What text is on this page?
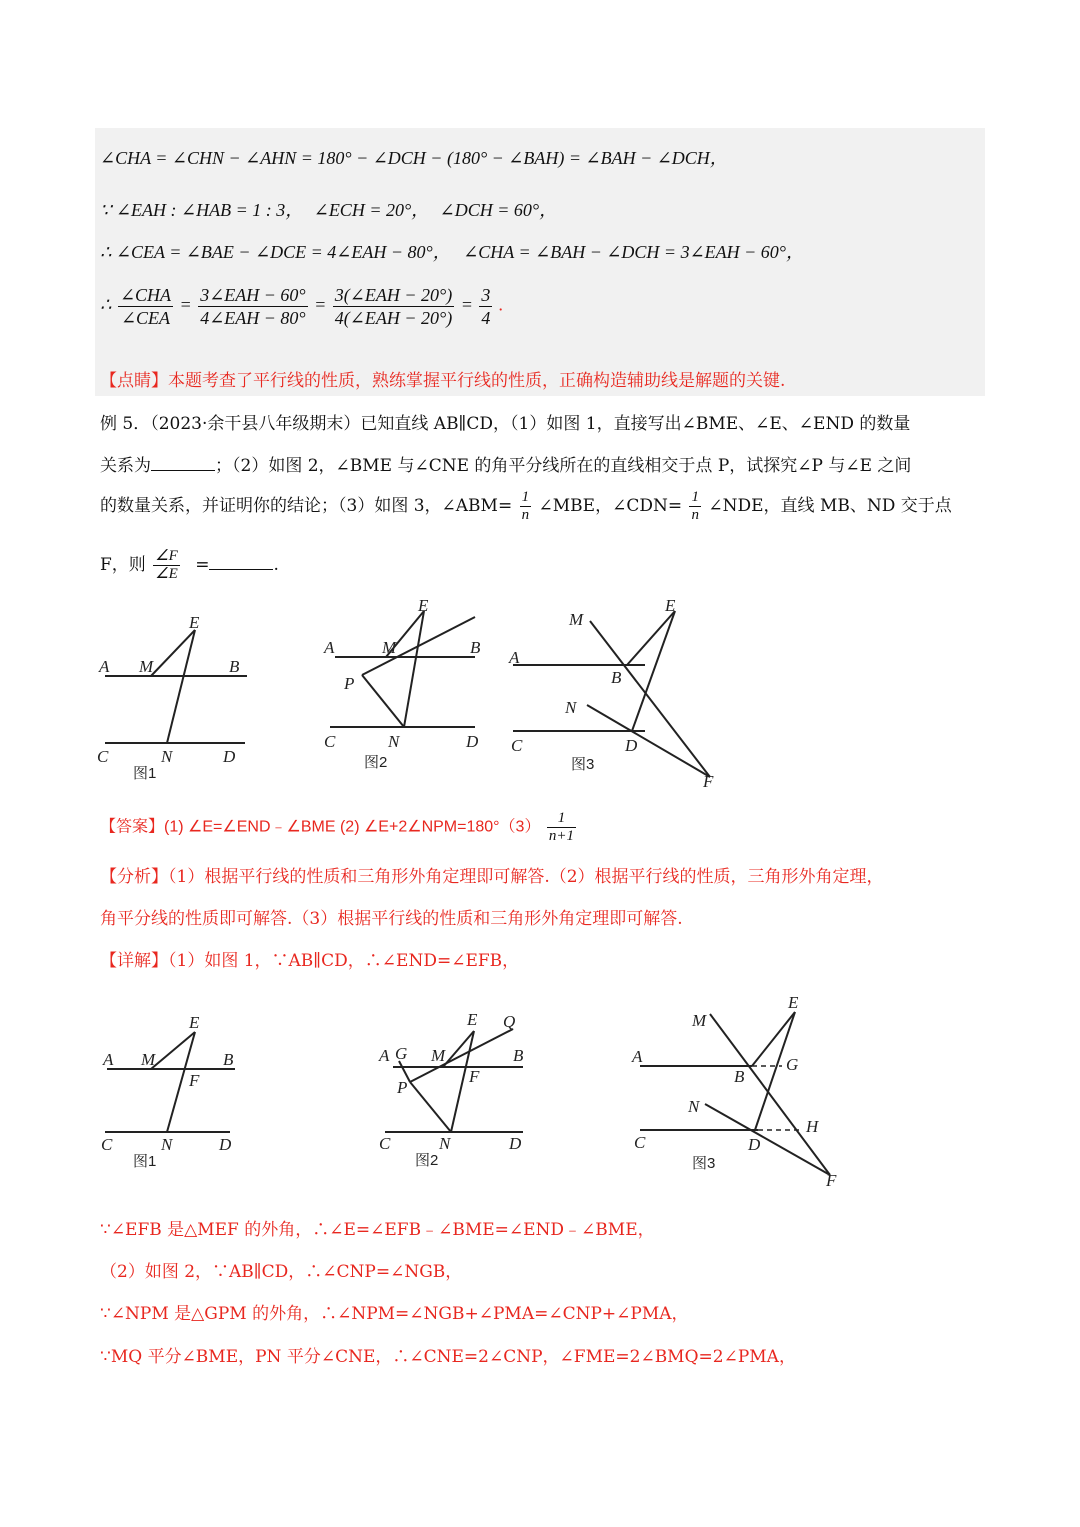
∠CHA = ∠CHN − ∠AHN = 180° − ∠DCH − (180° − ∠BAH) = ∠BAH − ∠DCH，
∵ ∠EAH : ∠HAB = 1 : 3， ∠ECH = 20°， ∠DCH = 60°，
∴ ∠CEA = ∠BAE − ∠DCE = 4∠EAH − 80°， ∠CHA = ∠BAH − ∠DCH = 3∠EAH − 60°，
∴ $\frac{\text{∠CHA}}{\text{∠CEA}} = \frac{\text{3∠EAH − 60°}}{\text{4∠EAH − 80°}} = \frac{\text{3(∠EAH − 20°)}}{\text{4(∠EAH − 20°)}} = \frac{3}{4}$ .
【点睛】本题考查了平行线的性质，熟练掌握平行线的性质，正确构造辅助线是解题的关键.
例 5．（2023·余干县八年级期末）已知直线 AB∥CD，（1）如图 1，直接写出∠BME、∠E、∠END 的数量
关系为	；（2）如图 2，∠BME 与∠CNE 的角平分线所在的直线相交于点 P，试探究∠P 与∠E 之间
的数量关系，并证明你的结论；（3）如图 3，∠ABM= $\frac{1}{n}$ ∠MBE，∠CDN= $\frac{1}{n}$ ∠NDE，直线 MB、ND 交于点
F，则 $\frac{\angle F}{\angle E}$ =	.
A M
E
B
C	N	D
图1
A	M
E
B
P
C	N	D
图2
M
E
A
B
N
C	D
F
图3
【答案】(1) ∠E=∠END﹣∠BME (2) ∠E+2∠NPM=180°（3） $\frac{1}{n+1}$
【分析】（1）根据平行线的性质和三角形外角定理即可解答.（2）根据平行线的性质，三角形外角定理，
角平分线的性质即可解答.（3）根据平行线的性质和三角形外角定理即可解答.
【详解】（1）如图 1，∵AB∥CD，∴∠END=∠EFB，
E
A M	B
F
C	N	D
图1
E Q
A G M	B
P
F
C	N	D
图2
E
M
A
B
G
N
H
C	D
F
图3
∵∠EFB 是△MEF 的外角，∴∠E=∠EFB﹣∠BME=∠END﹣∠BME，
（2）如图 2，∵AB∥CD，∴∠CNP=∠NGB，
∵∠NPM 是△GPM 的外角，∴∠NPM=∠NGB+∠PMA=∠CNP+∠PMA，
∵MQ 平分∠BME，PN 平分∠CNE，∴∠CNE=2∠CNP，∠FME=2∠BMQ=2∠PMA，
